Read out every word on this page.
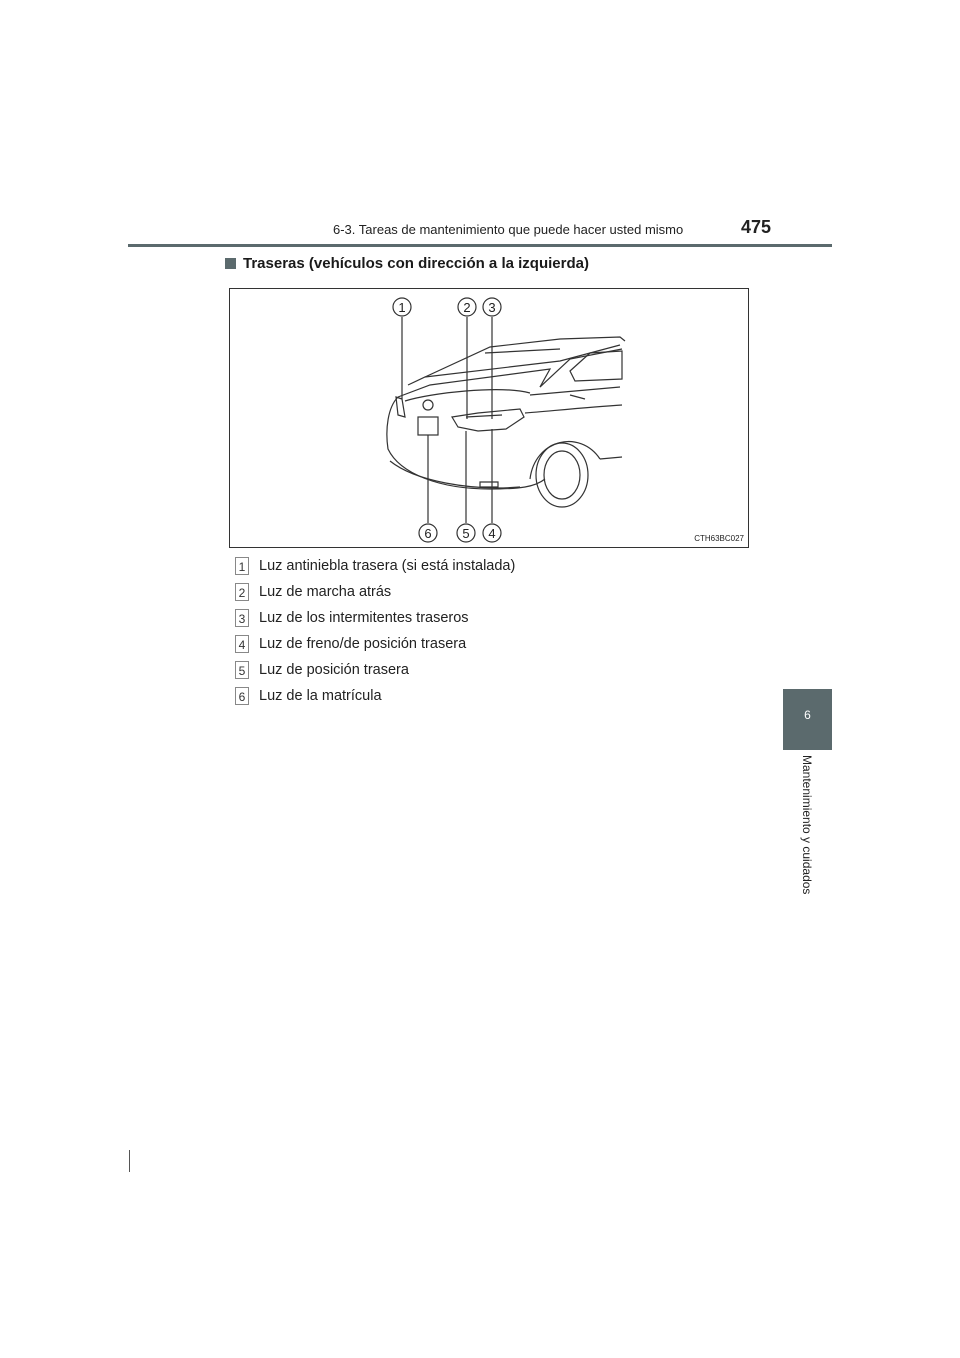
6-3. Tareas de mantenimiento que puede hacer usted mismo	475
6
Mantenimiento y cuidados
Traseras (vehículos con dirección a la izquierda)
1	2 3
6 5 4	CTH63BC027
1 Luz antiniebla trasera (si está instalada)
2 Luz de marcha atrás
3 Luz de los intermitentes traseros
4 Luz de freno/de posición trasera
5 Luz de posición trasera
6 Luz de la matrícula
